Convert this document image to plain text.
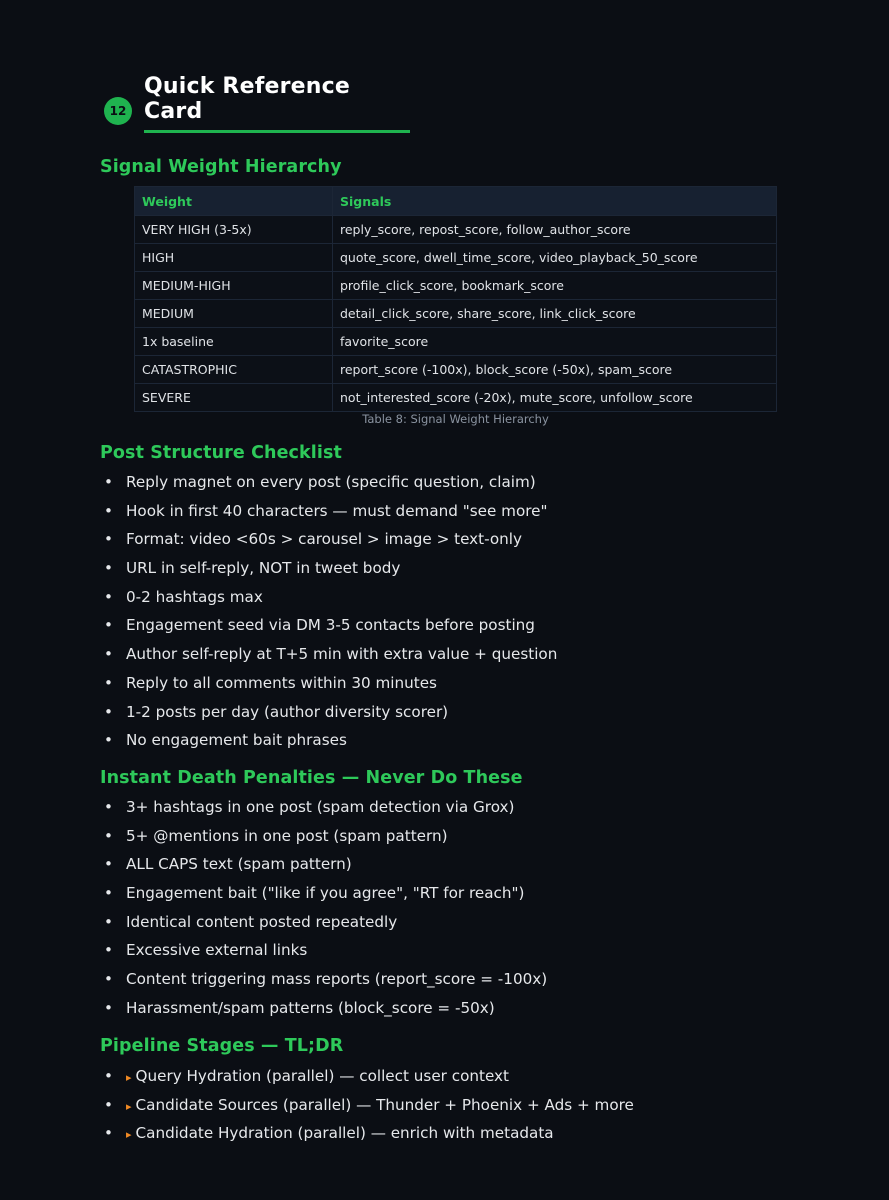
12
Quick Reference Card
Signal Weight Hierarchy
Weight	Signals
VERY HIGH (3-5x)	reply_score, repost_score, follow_author_score
HIGH	quote_score, dwell_time_score, video_playback_50_score
MEDIUM-HIGH	profile_click_score, bookmark_score
MEDIUM	detail_click_score, share_score, link_click_score
1x baseline	favorite_score
CATASTROPHIC	report_score (-100x), block_score (-50x), spam_score
SEVERE	not_interested_score (-20x), mute_score, unfollow_score
Table 8: Signal Weight Hierarchy
Post Structure Checklist
• Reply magnet on every post (specific question, claim)
• Hook in first 40 characters — must demand "see more"
• Format: video <60s > carousel > image > text-only
• URL in self-reply, NOT in tweet body
• 0-2 hashtags max
• Engagement seed via DM 3-5 contacts before posting
• Author self-reply at T+5 min with extra value + question
• Reply to all comments within 30 minutes
• 1-2 posts per day (author diversity scorer)
• No engagement bait phrases
Instant Death Penalties — Never Do These
• 3+ hashtags in one post (spam detection via Grox)
• 5+ @mentions in one post (spam pattern)
• ALL CAPS text (spam pattern)
• Engagement bait ("like if you agree", "RT for reach")
• Identical content posted repeatedly
• Excessive external links
• Content triggering mass reports (report_score = -100x)
• Harassment/spam patterns (block_score = -50x)
Pipeline Stages — TL;DR
• ▸ Query Hydration (parallel) — collect user context
• ▸ Candidate Sources (parallel) — Thunder + Phoenix + Ads + more
• ▸ Candidate Hydration (parallel) — enrich with metadata
